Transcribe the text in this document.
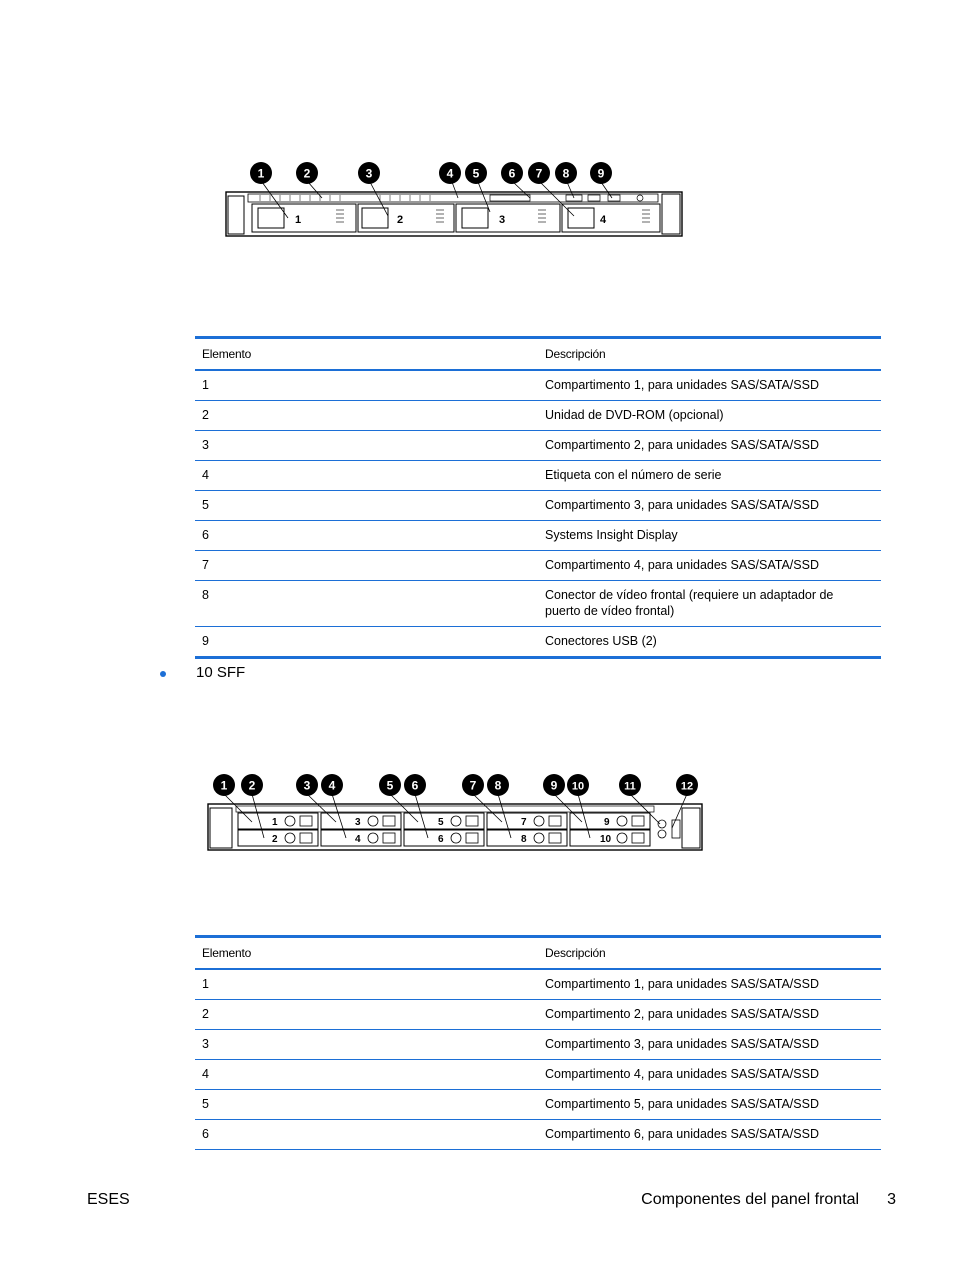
1	2	3	4
1	2	3	4 5 6 7 8 9
Elemento	Descripción
1	Compartimento 1, para unidades SAS/SATA/SSD
2	Unidad de DVD-ROM (opcional)
3	Compartimento 2, para unidades SAS/SATA/SSD
4	Etiqueta con el número de serie
5	Compartimento 3, para unidades SAS/SATA/SSD
6	Systems Insight Display
7	Compartimento 4, para unidades SAS/SATA/SSD
8	Conector de vídeo frontal (requiere un adaptador de puerto de vídeo frontal)
9	Conectores USB (2)
10 SFF
1
2
3
4
5
6
7
8
9
10
1 2	3 4	5 6	7 8	9 10	11	12
Elemento	Descripción
1	Compartimento 1, para unidades SAS/SATA/SSD
2	Compartimento 2, para unidades SAS/SATA/SSD
3	Compartimento 3, para unidades SAS/SATA/SSD
4	Compartimento 4, para unidades SAS/SATA/SSD
5	Compartimento 5, para unidades SAS/SATA/SSD
6	Compartimento 6, para unidades SAS/SATA/SSD
ESES	Componentes del panel frontal 3
